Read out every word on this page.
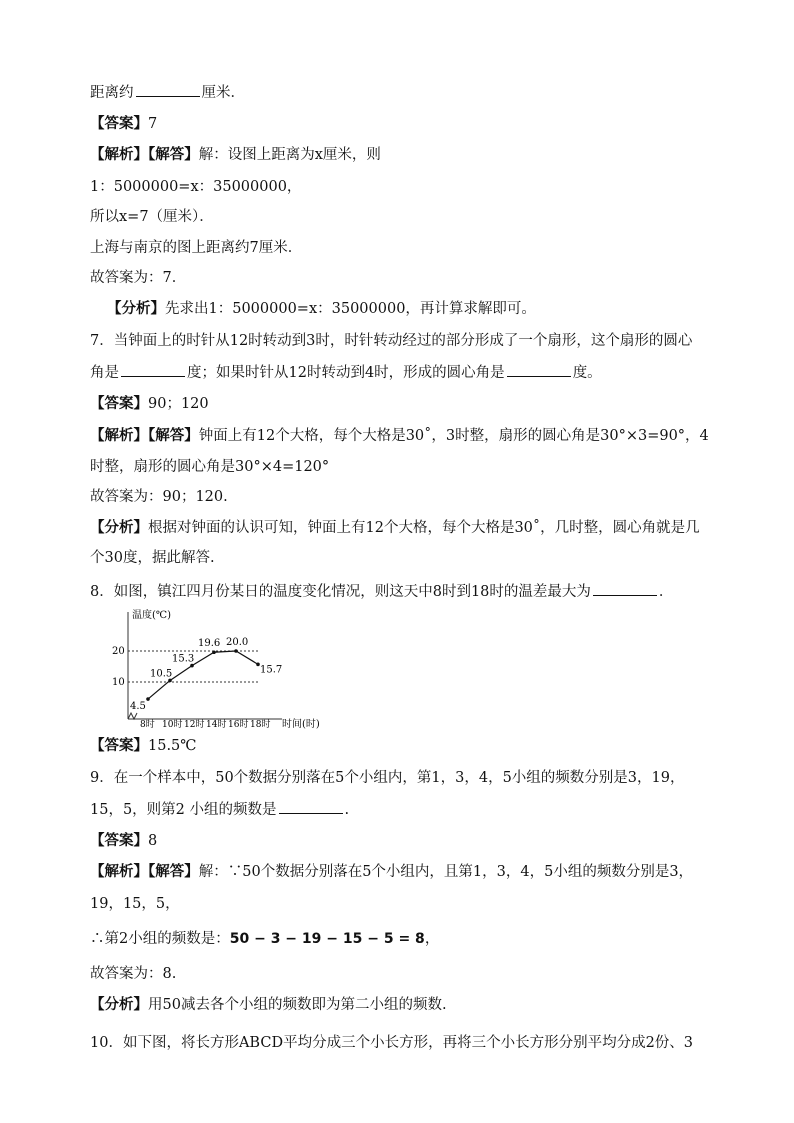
距离约	厘米．
【答案】7
【解析】【解答】解：设图上距离为x厘米，则
1：5000000=x：35000000，
所以x=7（厘米）．
上海与南京的图上距离约7厘米．
故答案为：7．
【分析】先求出1：5000000=x：35000000，再计算求解即可。
7．当钟面上的时针从12时转动到3时，时针转动经过的部分形成了一个扇形，这个扇形的圆心
角是	度；如果时针从12时转动到4时，形成的圆心角是	度。
【答案】90；120
【解析】【解答】钟面上有12个大格，每个大格是30˚，3时整，扇形的圆心角是30°×3=90°，4
时整，扇形的圆心角是30°×4=120°
故答案为：90；120.
【分析】根据对钟面的认识可知，钟面上有12个大格，每个大格是30˚，几时整，圆心角就是几
个30度，据此解答.
8．如图，镇江四月份某日的温度变化情况，则这天中8时到18时的温差最大为	．
温度(℃)
时间(时)
20
10
4.5
10.5
15.3
19.6 20.0
15.7
8时 10时 12时 14时 16时 18时
【答案】15.5℃
9．在一个样本中，50个数据分别落在5个小组内，第1，3，4，5小组的频数分别是3，19，
15，5，则第2 小组的频数是	.
【答案】8
【解析】【解答】解：∵50个数据分别落在5个小组内，且第1，3，4，5小组的频数分别是3，
19，15，5，
∴第2小组的频数是：50 − 3 − 19 − 15 − 5 = 8，
故答案为：8.
【分析】用50减去各个小组的频数即为第二小组的频数.
10．如下图，将长方形ABCD平均分成三个小长方形，再将三个小长方形分别平均分成2份、3
